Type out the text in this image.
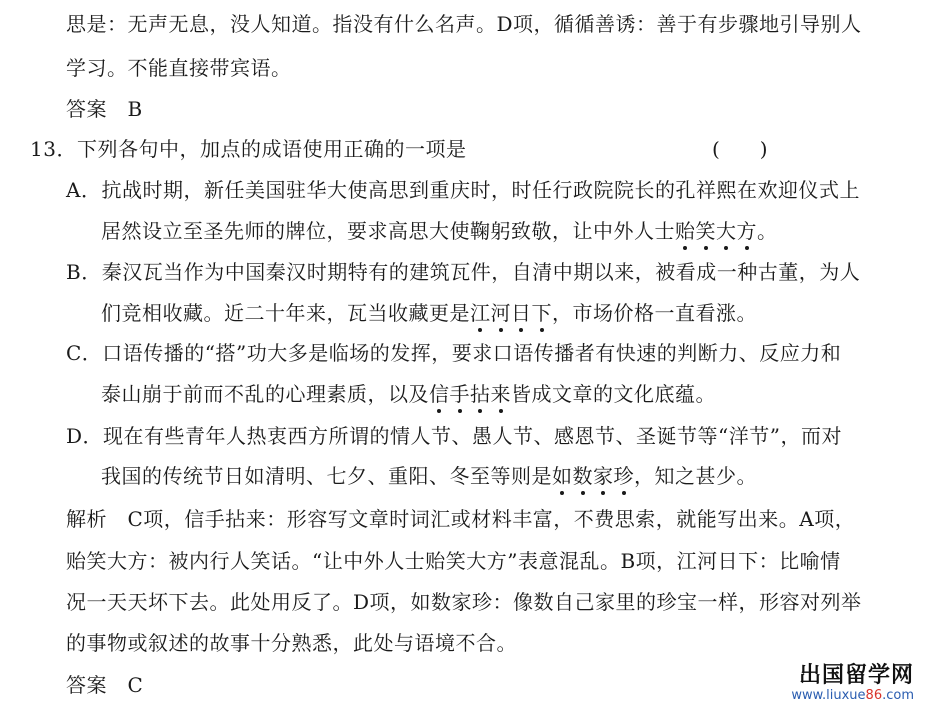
思是：无声无息，没人知道。指没有什么名声。D项，循循善诱：善于有步骤地引导别人
学习。不能直接带宾语。
答案　B
13．下列各句中，加点的成语使用正确的一项是	(　　)
A．抗战时期，新任美国驻华大使高思到重庆时，时任行政院院长的孔祥熙在欢迎仪式上
居然设立至圣先师的牌位，要求高思大使鞠躬致敬，让中外人士贻笑大方。
B．秦汉瓦当作为中国秦汉时期特有的建筑瓦件，自清中期以来，被看成一种古董，为人
们竞相收藏。近二十年来，瓦当收藏更是江河日下，市场价格一直看涨。
C．口语传播的“搭”功大多是临场的发挥，要求口语传播者有快速的判断力、反应力和
泰山崩于前而不乱的心理素质，以及信手拈来皆成文章的文化底蕴。
D．现在有些青年人热衷西方所谓的情人节、愚人节、感恩节、圣诞节等“洋节”，而对
我国的传统节日如清明、七夕、重阳、冬至等则是如数家珍，知之甚少。
解析　C项，信手拈来：形容写文章时词汇或材料丰富，不费思索，就能写出来。A项，
贻笑大方：被内行人笑话。“让中外人士贻笑大方”表意混乱。B项，江河日下：比喻情
况一天天坏下去。此处用反了。D项，如数家珍：像数自己家里的珍宝一样，形容对列举
的事物或叙述的故事十分熟悉，此处与语境不合。
答案　C	出国留学网
www.liuxue86.com
